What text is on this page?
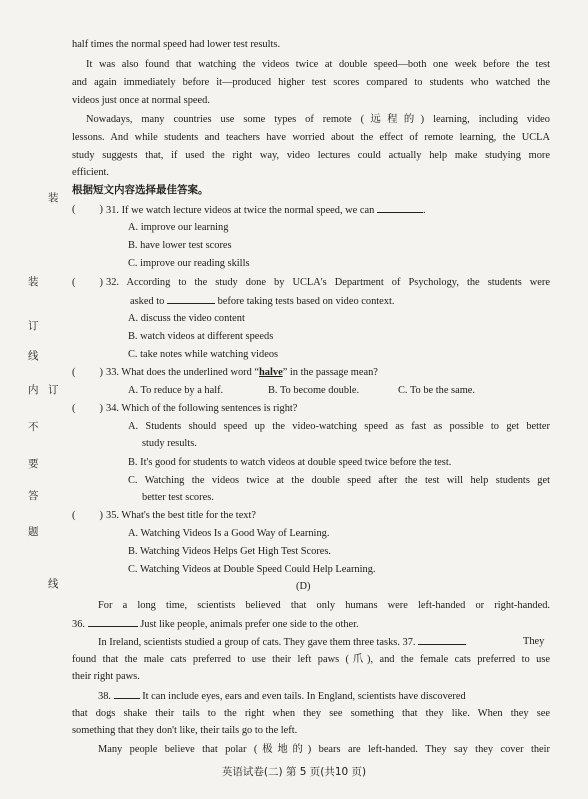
half times the normal speed had lower test results.
It was also found that watching the videos twice at double speed—both one week before the test
and again immediately before it—produced higher test scores compared to students who watched the
videos just once at normal speed.
Nowadays, many countries use some types of remote (远程的) learning, including video
lessons. And while students and teachers have worried about the effect of remote learning, the UCLA
study suggests that, if used the right way, video lectures could actually help make studying more
efficient.
根据短文内容选择最佳答案。
( ) 31. If we watch lecture videos at twice the normal speed, we can	.
A. improve our learning
B. have lower test scores
C. improve our reading skills
( ) 32. According to the study done by UCLA's Department of Psychology, the students were
asked to	before taking tests based on video context.
A. discuss the video content
B. watch videos at different speeds
C. take notes while watching videos
( ) 33. What does the underlined word “halve” in the passage mean?
A. To reduce by a half.	B. To become double.	C. To be the same.
( ) 34. Which of the following sentences is right?
A. Students should speed up the video-watching speed as fast as possible to get better
study results.
B. It's good for students to watch videos at double speed twice before the test.
C. Watching the videos twice at the double speed after the test will help students get
better test scores.
( ) 35. What's the best title for the text?
A. Watching Videos Is a Good Way of Learning.
B. Watching Videos Helps Get High Test Scores.
C. Watching Videos at Double Speed Could Help Learning.
(D)
For a long time, scientists believed that only humans were left-handed or right-handed.
36.	Just like people, animals prefer one side to the other.
In Ireland, scientists studied a group of cats. They gave them three tasks. 37.	They
found that the male cats preferred to use their left paws (爪), and the female cats preferred to use
their right paws.
38.	It can include eyes, ears and even tails. In England, scientists have discovered
that dogs shake their tails to the right when they see something that they like. When they see
something that they don't like, their tails go to the left.
Many people believe that polar (极地的) bears are left-handed. They say they cover their
装
装
订
线
内 订
不
要
答
题
线
英语试卷(二) 第 5 页(共10 页)
